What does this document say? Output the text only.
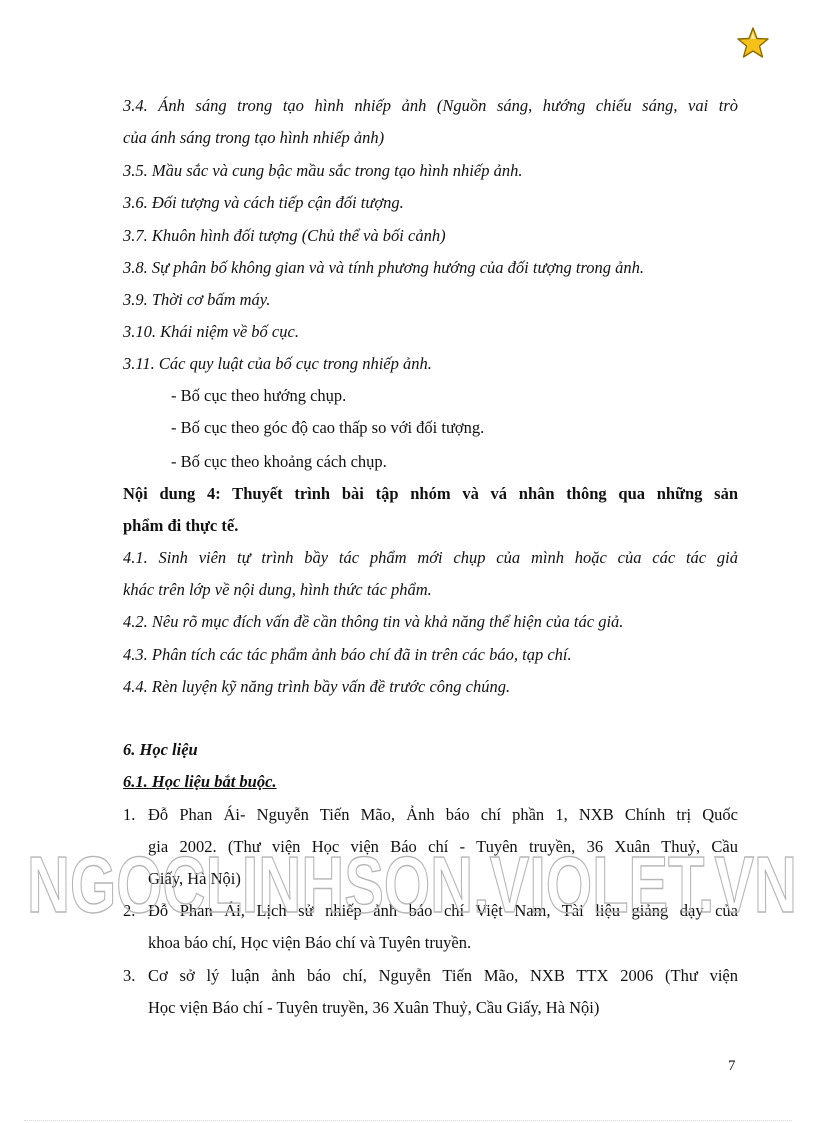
3.4. Ánh sáng trong tạo hình nhiếp ảnh (Nguồn sáng, hướng chiếu sáng, vai trò
của ánh sáng trong tạo hình nhiếp ảnh)
3.5. Mầu sắc và cung bậc mầu sắc trong tạo hình nhiếp ảnh.
3.6. Đối tượng và cách tiếp cận đối tượng.
3.7. Khuôn hình đối tượng (Chủ thể và bối cảnh)
3.8. Sự phân bố không gian và và tính phương hướng của đối tượng trong ảnh.
3.9. Thời cơ bấm máy.
3.10. Khái niệm về bố cục.
3.11. Các quy luật của bố cục trong nhiếp ảnh.
- Bố cục theo hướng chụp.
- Bố cục theo góc độ cao thấp so với đối tượng.
- Bố cục theo khoảng cách chụp.
Nội dung 4: Thuyết trình bài tập nhóm và vá nhân thông qua những sản
phẩm đi thực tế.
4.1. Sinh viên tự trình bầy tác phẩm mới chụp của mình hoặc của các tác giả
khác trên lớp về nội dung, hình thức tác phẩm.
4.2. Nêu rõ mục đích vấn đề cần thông tin và khả năng thể hiện của tác giả.
4.3. Phân tích các tác phẩm ảnh báo chí đã in trên các báo, tạp chí.
4.4. Rèn luyện kỹ năng trình bầy vấn đề trước công chúng.
6. Học liệu
6.1. Học liệu bắt buộc.
1. Đỗ Phan Ái- Nguyễn Tiến Mão, Ảnh báo chí phần 1, NXB Chính trị Quốc
gia 2002. (Thư viện Học viện Báo chí - Tuyên truyền, 36 Xuân Thuỷ, Cầu
Giấy, Hà Nội)
2. Đỗ Phan Ái, Lịch sử nhiếp ảnh báo chí Việt Nam, Tài liệu giảng dạy của
khoa báo chí, Học viện Báo chí và Tuyên truyền.
3. Cơ sở lý luận ảnh báo chí, Nguyễn Tiến Mão, NXB TTX 2006 (Thư viện
Học viện Báo chí - Tuyên truyền, 36 Xuân Thuỷ, Cầu Giấy, Hà Nội)
NGOCLINHSON.VIOLET.VN
7
